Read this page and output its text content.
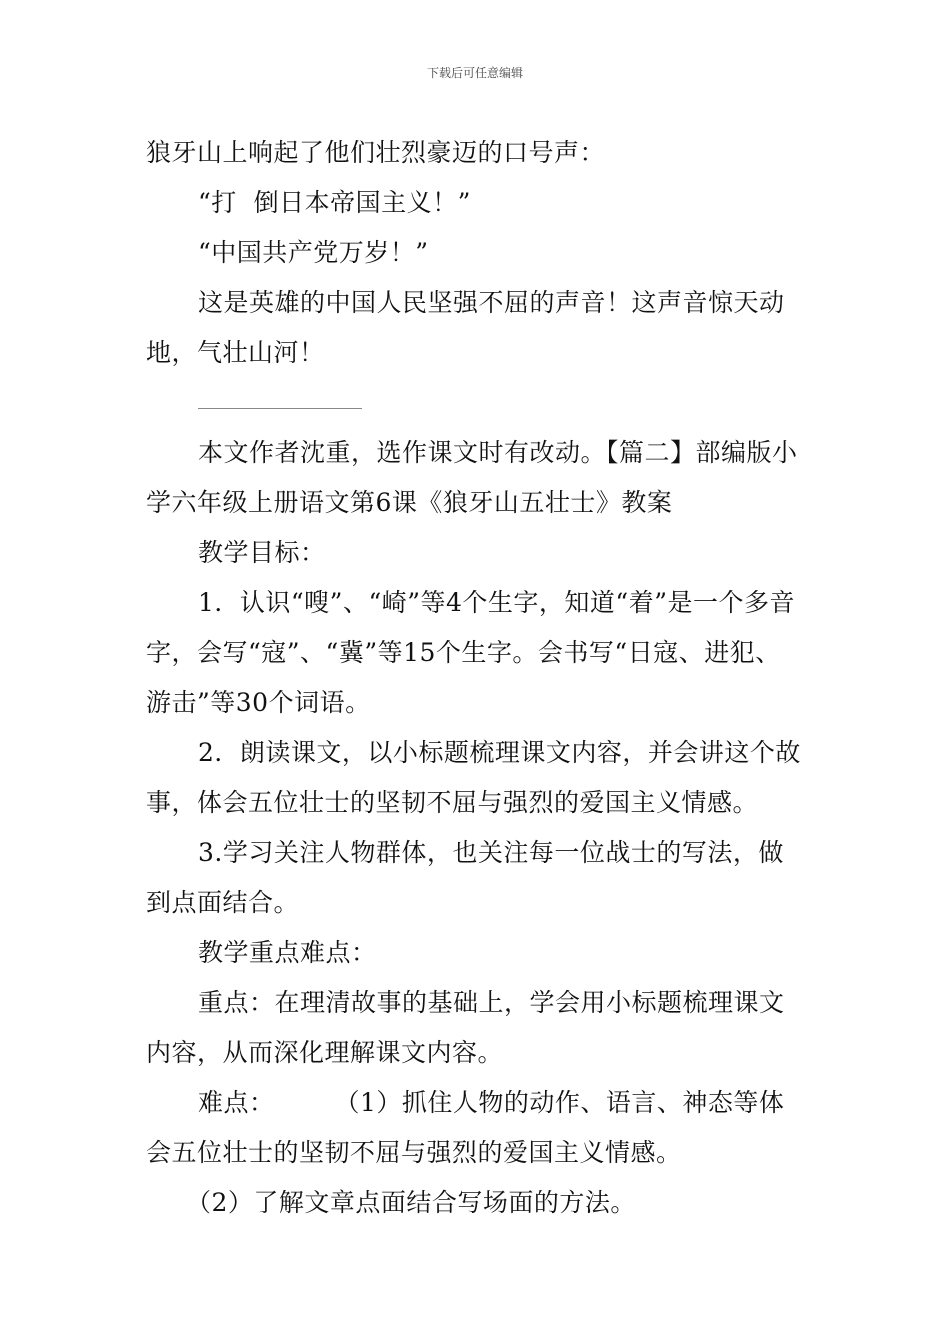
下载后可任意编辑

狼牙山上响起了他们壮烈豪迈的口号声：

“打  倒日本帝国主义！”

“中国共产党万岁！”

这是英雄的中国人民坚强不屈的声音！这声音惊天动地，气壮山河！

本文作者沈重，选作课文时有改动。【篇二】部编版小学六年级上册语文第6课《狼牙山五壮士》教案

教学目标：

1．认识“嗖”、“崎”等4个生字，知道“着”是一个多音字，会写“寇”、“冀”等15个生字。会书写“日寇、进犯、游击”等30个词语。

2．朗读课文，以小标题梳理课文内容，并会讲这个故事，体会五位壮士的坚韧不屈与强烈的爱国主义情感。

3.学习关注人物群体，也关注每一位战士的写法，做到点面结合。

教学重点难点：

重点：在理清故事的基础上，学会用小标题梳理课文内容，从而深化理解课文内容。

难点： （1）抓住人物的动作、语言、神态等体会五位壮士的坚韧不屈与强烈的爱国主义情感。

（2）了解文章点面结合写场面的方法。
